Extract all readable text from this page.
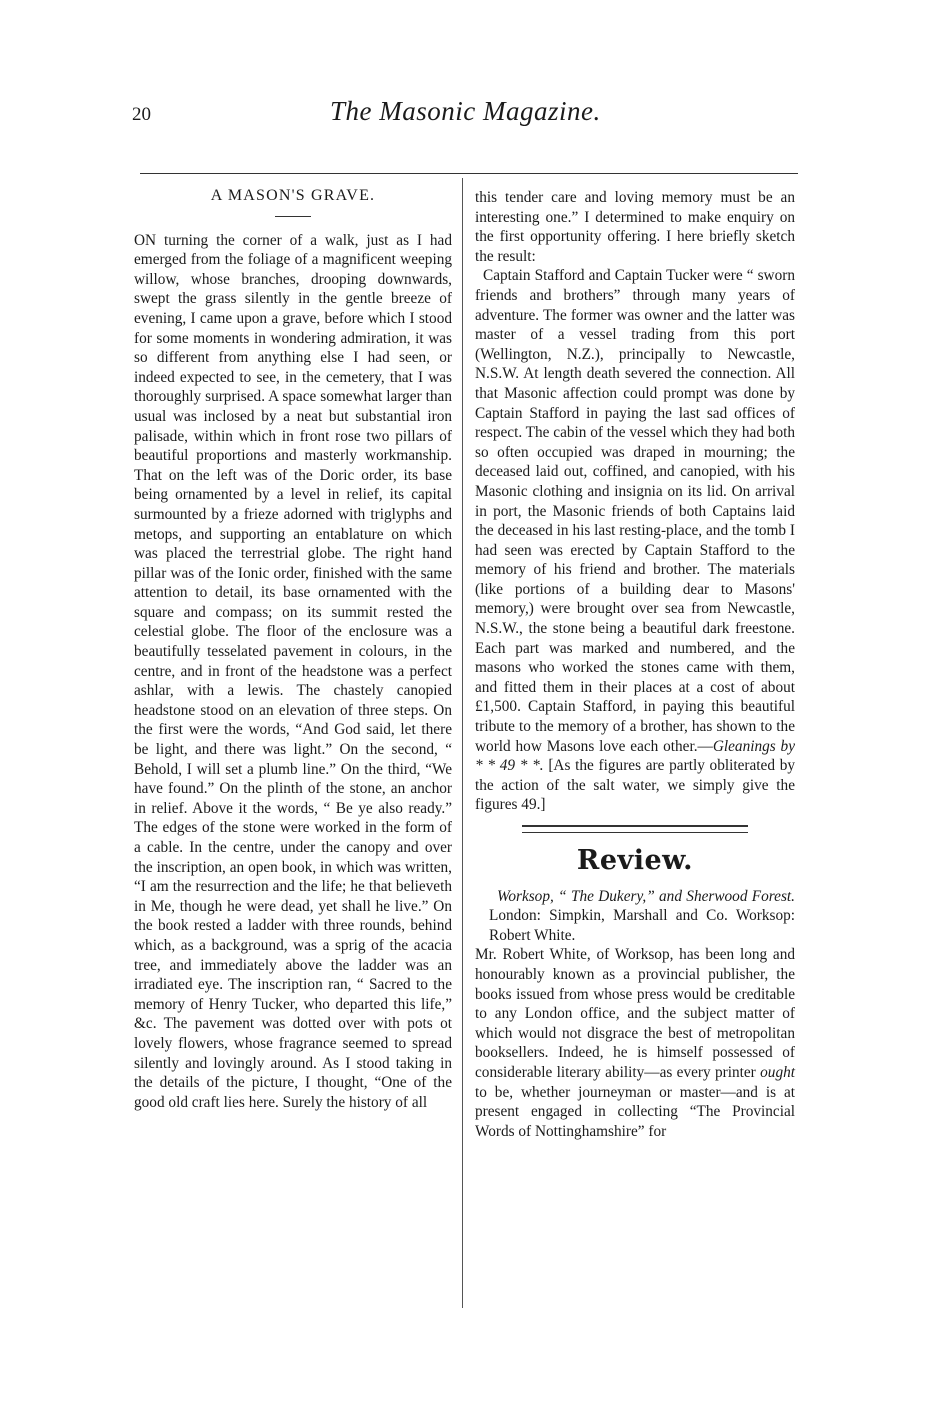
20	The Masonic Magazine.
A MASON'S GRAVE.

ON turning the corner of a walk, just as I had emerged from the foliage of a magnificent weeping willow, whose branches, drooping downwards, swept the grass silently in the gentle breeze of evening, I came upon a grave, before which I stood for some moments in wondering admiration, it was so different from anything else I had seen, or indeed expected to see, in the cemetery, that I was thoroughly surprised. A space somewhat larger than usual was inclosed by a neat but substantial iron palisade, within which in front rose two pillars of beautiful proportions and masterly workmanship. That on the left was of the Doric order, its base being ornamented by a level in relief, its capital surmounted by a frieze adorned with triglyphs and metops, and supporting an entablature on which was placed the terrestrial globe. The right hand pillar was of the Ionic order, finished with the same attention to detail, its base ornamented with the square and compass; on its summit rested the celestial globe. The floor of the enclosure was a beautifully tesselated pavement in colours, in the centre, and in front of the headstone was a perfect ashlar, with a lewis. The chastely canopied headstone stood on an elevation of three steps. On the first were the words, “And God said, let there be light, and there was light.” On the second, “ Behold, I will set a plumb line.” On the third, “We have found.” On the plinth of the stone, an anchor in relief. Above it the words, “ Be ye also ready.” The edges of the stone were worked in the form of a cable. In the centre, under the canopy and over the inscription, an open book, in which was written, “I am the resurrection and the life; he that believeth in Me, though he were dead, yet shall he live.” On the book rested a ladder with three rounds, behind which, as a background, was a sprig of the acacia tree, and immediately above the ladder was an irradiated eye. The inscription ran, “ Sacred to the memory of Henry Tucker, who departed this life,” &c. The pavement was dotted over with pots ot lovely flowers, whose fragrance seemed to spread silently and lovingly around. As I stood taking in the details of the picture, I thought, “One of the good old craft lies here. Surely the history of all

this tender care and loving memory must be an interesting one.” I determined to make enquiry on the first opportunity offering. I here briefly sketch the result:

Captain Stafford and Captain Tucker were “ sworn friends and brothers” through many years of adventure. The former was owner and the latter was master of a vessel trading from this port (Wellington, N.Z.), principally to Newcastle, N.S.W. At length death severed the connection. All that Masonic affection could prompt was done by Captain Stafford in paying the last sad offices of respect. The cabin of the vessel which they had both so often occupied was draped in mourning; the deceased laid out, coffined, and canopied, with his Masonic clothing and insignia on its lid. On arrival in port, the Masonic friends of both Captains laid the deceased in his last resting-place, and the tomb I had seen was erected by Captain Stafford to the memory of his friend and brother. The materials (like portions of a building dear to Masons' memory,) were brought over sea from Newcastle, N.S.W., the stone being a beautiful dark freestone. Each part was marked and numbered, and the masons who worked the stones came with them, and fitted them in their places at a cost of about £1,500. Captain Stafford, in paying this beautiful tribute to the memory of a brother, has shown to the world how Masons love each other.—Gleanings by * * 49 * *. [As the figures are partly obliterated by the action of the salt water, we simply give the figures 49.]

Review.

Worksop, “ The Dukery,” and Sherwood Forest. London: Simpkin, Marshall and Co. Worksop: Robert White.

Mr. Robert White, of Worksop, has been long and honourably known as a provincial publisher, the books issued from whose press would be creditable to any London office, and the subject matter of which would not disgrace the best of metropolitan booksellers. Indeed, he is himself possessed of considerable literary ability—as every printer ought to be, whether journeyman or master—and is at present engaged in collecting “The Provincial Words of Nottinghamshire” for
